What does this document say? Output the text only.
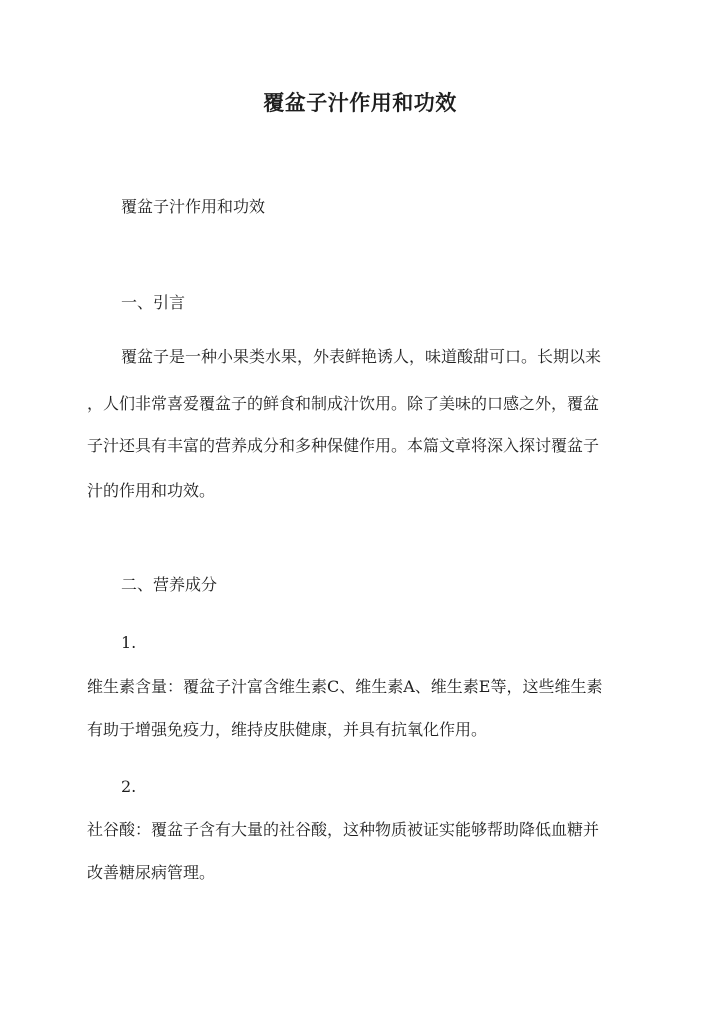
覆盆子汁作用和功效
覆盆子汁作用和功效
一、引言
覆盆子是一种小果类水果，外表鲜艳诱人，味道酸甜可口。长期以来
，人们非常喜爱覆盆子的鲜食和制成汁饮用。除了美味的口感之外，覆盆
子汁还具有丰富的营养成分和多种保健作用。本篇文章将深入探讨覆盆子
汁的作用和功效。
二、营养成分
1.
维生素含量：覆盆子汁富含维生素C、维生素A、维生素E等，这些维生素
有助于增强免疫力，维持皮肤健康，并具有抗氧化作用。
2.
社谷酸：覆盆子含有大量的社谷酸，这种物质被证实能够帮助降低血糖并
改善糖尿病管理。
